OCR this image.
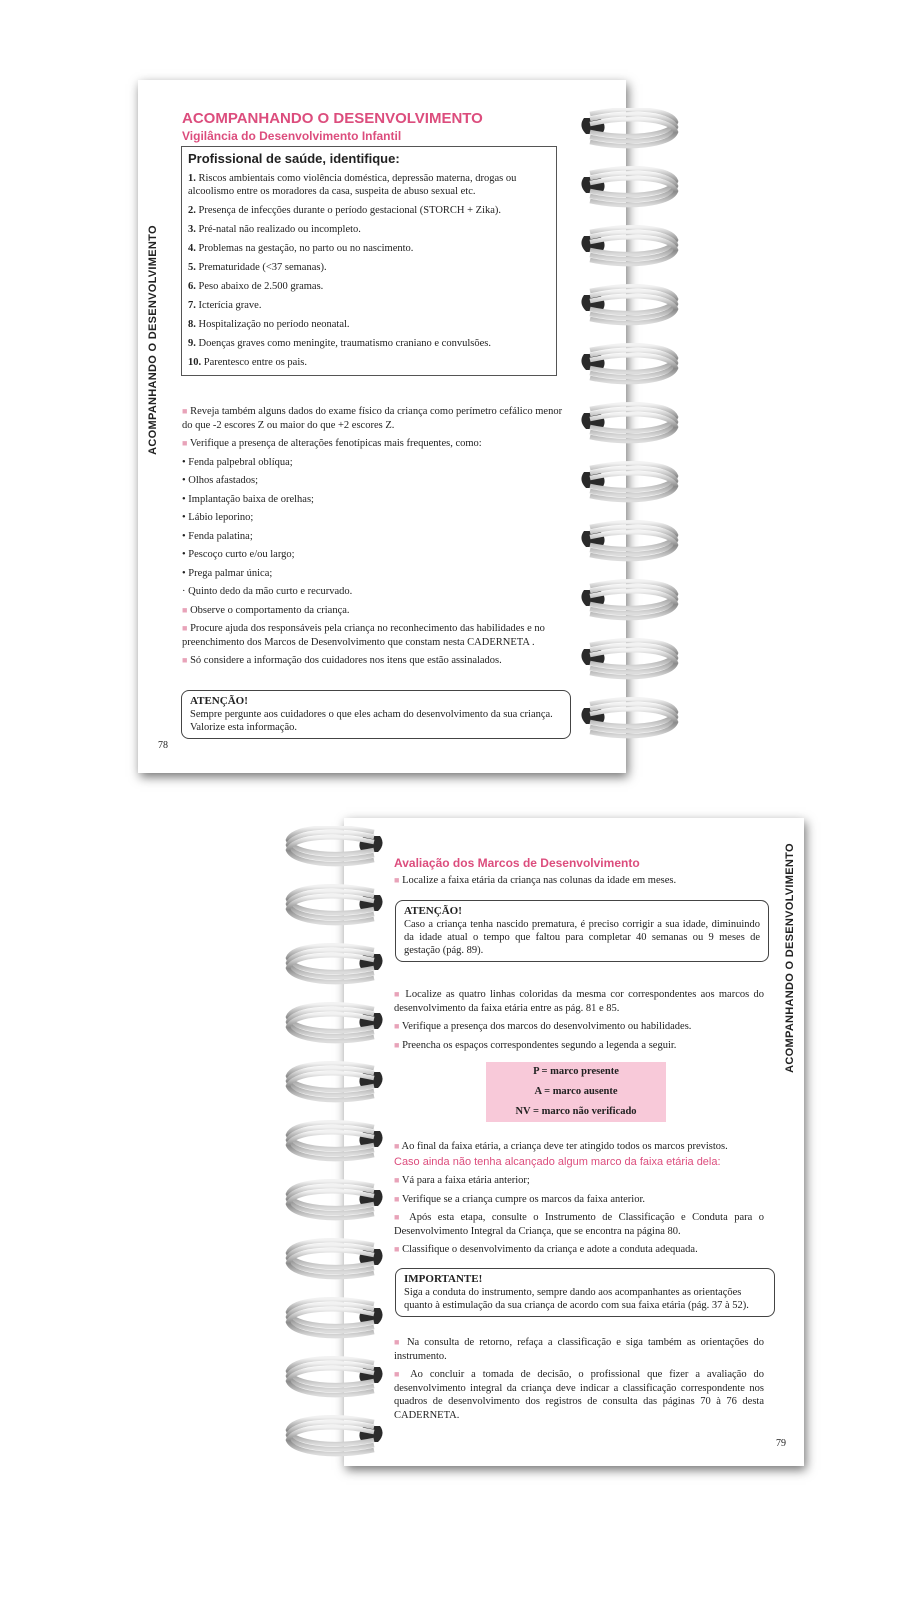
ACOMPANHANDO O DESENVOLVIMENTO
ACOMPANHANDO O DESENVOLVIMENTO
Vigilância do Desenvolvimento Infantil
Profissional de saúde, identifique:
1. Riscos ambientais como violência doméstica, depressão materna, drogas ou alcoolismo entre os moradores da casa, suspeita de abuso sexual etc.
2. Presença de infecções durante o período gestacional (STORCH + Zika).
3. Pré-natal não realizado ou incompleto.
4. Problemas na gestação, no parto ou no nascimento.
5. Prematuridade (<37 semanas).
6. Peso abaixo de 2.500 gramas.
7. Icterícia grave.
8. Hospitalização no período neonatal.
9. Doenças graves como meningite, traumatismo craniano e convulsões.
10. Parentesco entre os pais.
■ Reveja também alguns dados do exame físico da criança como perímetro cefálico menor do que -2 escores Z ou maior do que +2 escores Z.
■ Verifique a presença de alterações fenotípicas mais frequentes, como:
• Fenda palpebral oblíqua;
• Olhos afastados;
• Implantação baixa de orelhas;
• Lábio leporino;
• Fenda palatina;
• Pescoço curto e/ou largo;
• Prega palmar única;
· Quinto dedo da mão curto e recurvado.
■ Observe o comportamento da criança.
■ Procure ajuda dos responsáveis pela criança no reconhecimento das habilidades e no preenchimento dos Marcos de Desenvolvimento que constam nesta CADERNETA .
■ Só considere a informação dos cuidadores nos itens que estão assinalados.
ATENÇÃO!
Sempre pergunte aos cuidadores o que eles acham do desenvolvimento da sua criança. Valorize esta informação.
78
ACOMPANHANDO O DESENVOLVIMENTO
Avaliação dos Marcos de Desenvolvimento
■ Localize a faixa etária da criança nas colunas da idade em meses.
ATENÇÃO!
Caso a criança tenha nascido prematura, é preciso corrigir a sua idade, diminuindo da idade atual o tempo que faltou para completar 40 semanas ou 9 meses de gestação (pág. 89).
■ Localize as quatro linhas coloridas da mesma cor correspondentes aos marcos do desenvolvimento da faixa etária entre as pág. 81 e 85.
■ Verifique a presença dos marcos do desenvolvimento ou habilidades.
■ Preencha os espaços correspondentes segundo a legenda a seguir.
P = marco presente
A = marco ausente
NV = marco não verificado
■ Ao final da faixa etária, a criança deve ter atingido todos os marcos previstos.
Caso ainda não tenha alcançado algum marco da faixa etária dela:
■ Vá para a faixa etária anterior;
■ Verifique se a criança cumpre os marcos da faixa anterior.
■ Após esta etapa, consulte o Instrumento de Classificação e Conduta para o Desenvolvimento Integral da Criança, que se encontra na página 80.
■ Classifique o desenvolvimento da criança e adote a conduta adequada.
IMPORTANTE!
Siga a conduta do instrumento, sempre dando aos acompanhantes as orientações quanto à estimulação da sua criança de acordo com sua faixa etária (pág. 37 à 52).
■ Na consulta de retorno, refaça a classificação e siga também as orientações do instrumento.
■ Ao concluir a tomada de decisão, o profissional que fizer a avaliação do desenvolvimento integral da criança deve indicar a classificação correspondente nos quadros de desenvolvimento dos registros de consulta das páginas 70 à 76 desta CADERNETA.
79
